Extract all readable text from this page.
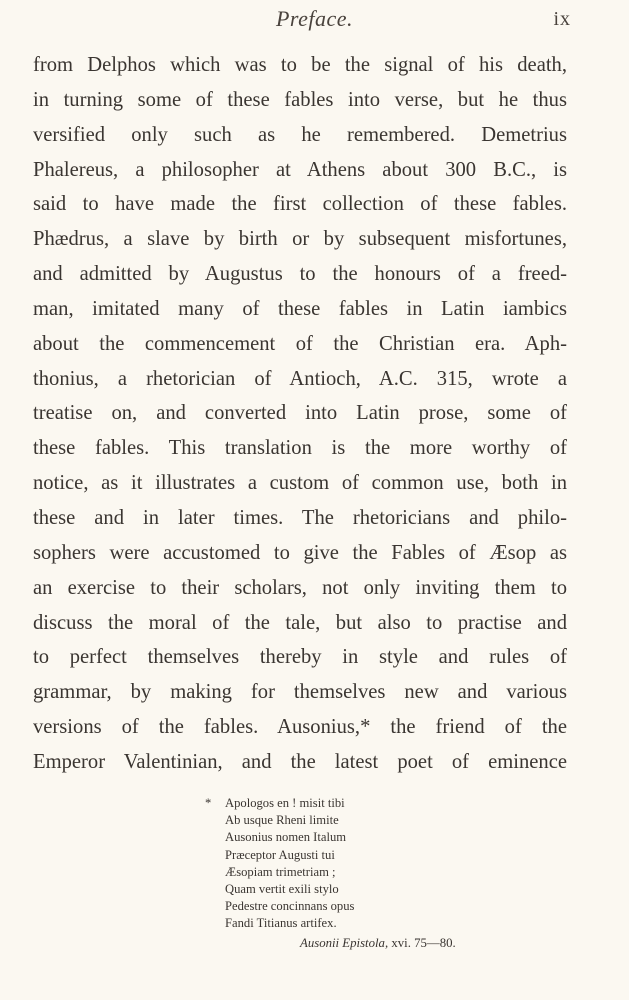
Preface.	ix
from Delphos which was to be the signal of his death,
in turning some of these fables into verse, but he thus
versified only such as he remembered. Demetrius
Phalereus, a philosopher at Athens about 300 B.C., is
said to have made the first collection of these fables.
Phædrus, a slave by birth or by subsequent misfortunes,
and admitted by Augustus to the honours of a freed-
man, imitated many of these fables in Latin iambics
about the commencement of the Christian era. Aph-
thonius, a rhetorician of Antioch, A.C. 315, wrote a
treatise on, and converted into Latin prose, some of
these fables. This translation is the more worthy of
notice, as it illustrates a custom of common use, both in
these and in later times. The rhetoricians and philo-
sophers were accustomed to give the Fables of Æsop as
an exercise to their scholars, not only inviting them to
discuss the moral of the tale, but also to practise and
to perfect themselves thereby in style and rules of
grammar, by making for themselves new and various
versions of the fables. Ausonius,* the friend of the
Emperor Valentinian, and the latest poet of eminence
* Apologos en ! misit tibi
Ab usque Rheni limite
Ausonius nomen Italum
Præceptor Augusti tui
Æsopiam trimetriam ;
Quam vertit exili stylo
Pedestre concinnans opus
Fandi Titianus artifex.
Ausonii Epistola, xvi. 75—80.
